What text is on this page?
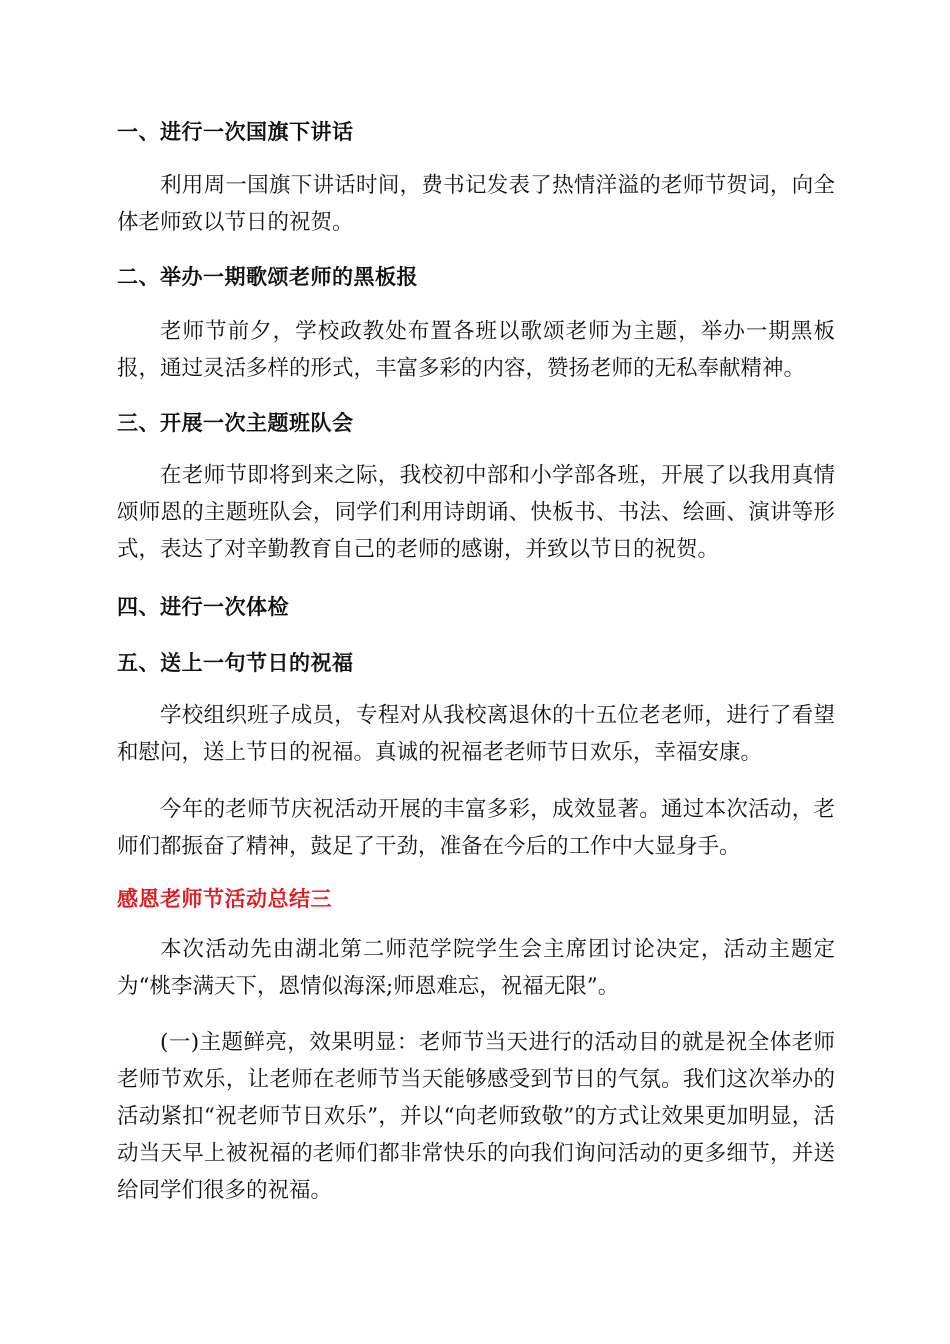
一、进行一次国旗下讲话
利用周一国旗下讲话时间，费书记发表了热情洋溢的老师节贺词，向全体老师致以节日的祝贺。
二、举办一期歌颂老师的黑板报
老师节前夕，学校政教处布置各班以歌颂老师为主题，举办一期黑板报，通过灵活多样的形式，丰富多彩的内容，赞扬老师的无私奉献精神。
三、开展一次主题班队会
在老师节即将到来之际，我校初中部和小学部各班，开展了以我用真情颂师恩的主题班队会，同学们利用诗朗诵、快板书、书法、绘画、演讲等形式，表达了对辛勤教育自己的老师的感谢，并致以节日的祝贺。
四、进行一次体检
五、送上一句节日的祝福
学校组织班子成员，专程对从我校离退休的十五位老老师，进行了看望和慰问，送上节日的祝福。真诚的祝福老老师节日欢乐，幸福安康。
今年的老师节庆祝活动开展的丰富多彩，成效显著。通过本次活动，老师们都振奋了精神，鼓足了干劲，准备在今后的工作中大显身手。
感恩老师节活动总结三
本次活动先由湖北第二师范学院学生会主席团讨论决定，活动主题定为“桃李满天下，恩情似海深;师恩难忘，祝福无限”。
(一)主题鲜亮，效果明显：老师节当天进行的活动目的就是祝全体老师老师节欢乐，让老师在老师节当天能够感受到节日的气氛。我们这次举办的活动紧扣“祝老师节日欢乐”，并以“向老师致敬”的方式让效果更加明显，活动当天早上被祝福的老师们都非常快乐的向我们询问活动的更多细节，并送给同学们很多的祝福。
